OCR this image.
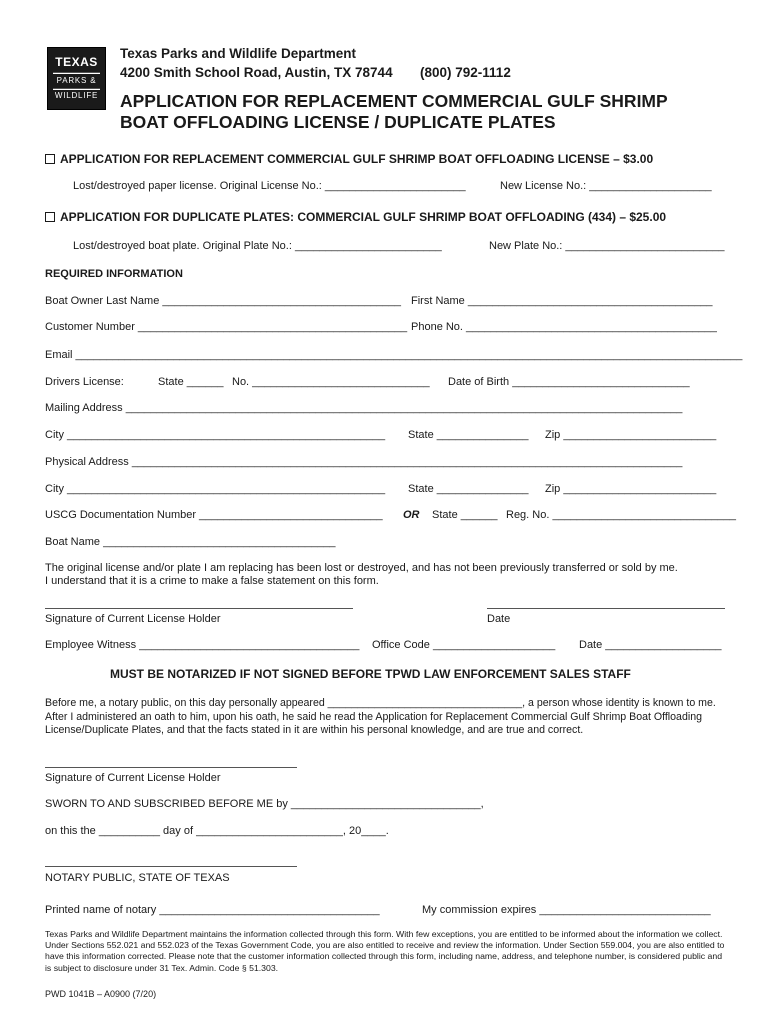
TEXAS
PARKS &
WILDLIFE
Texas Parks and Wildlife Department
4200 Smith School Road, Austin, TX 78744 (800) 792-1112
APPLICATION FOR REPLACEMENT COMMERCIAL GULF SHRIMP
BOAT OFFLOADING LICENSE / DUPLICATE PLATES
APPLICATION FOR REPLACEMENT COMMERCIAL GULF SHRIMP BOAT OFFLOADING LICENSE – $3.00
Lost/destroyed paper license. Original License No.: _______________________	New License No.: ____________________
APPLICATION FOR DUPLICATE PLATES: COMMERCIAL GULF SHRIMP BOAT OFFLOADING (434) – $25.00
Lost/destroyed boat plate. Original Plate No.: ________________________	New Plate No.: __________________________
REQUIRED INFORMATION
Boat Owner Last Name _______________________________________ First Name ________________________________________
Customer Number ____________________________________________ Phone No. _________________________________________
Email _____________________________________________________________________________________________________________
Drivers License:	State ______ No. _____________________________ Date of Birth _____________________________
Mailing Address ___________________________________________________________________________________________
City ____________________________________________________ State _______________ Zip _________________________
Physical Address __________________________________________________________________________________________
City ____________________________________________________ State _______________ Zip _________________________
USCG Documentation Number ______________________________ OR State ______ Reg. No. ______________________________
Boat Name ______________________________________
The original license and/or plate I am replacing has been lost or destroyed, and has not been previously transferred or sold by me.
I understand that it is a crime to make a false statement on this form.
Signature of Current License Holder	Date
Employee Witness ____________________________________ Office Code ____________________ Date ___________________
MUST BE NOTARIZED IF NOT SIGNED BEFORE TPWD LAW ENFORCEMENT SALES STAFF
Before me, a notary public, on this day personally appeared _________________________________, a person whose identity is known to me. After I administered an oath to him, upon his oath, he said he read the Application for Replacement Commercial Gulf Shrimp Boat Offloading License/Duplicate Plates, and that the facts stated in it are within his personal knowledge, and are true and correct.
Signature of Current License Holder
SWORN TO AND SUBSCRIBED BEFORE ME by _______________________________,
on this the __________ day of ________________________, 20____.
NOTARY PUBLIC, STATE OF TEXAS
Printed name of notary ____________________________________	My commission expires ____________________________
Texas Parks and Wildlife Department maintains the information collected through this form. With few exceptions, you are entitled to be informed about the information we collect. Under Sections 552.021 and 552.023 of the Texas Government Code, you are also entitled to receive and review the information. Under Section 559.004, you are also entitled to have this information corrected. Please note that the customer information collected through this form, including name, address, and telephone number, is considered public and is subject to disclosure under 31 Tex. Admin. Code § 51.303.
PWD 1041B – A0900 (7/20)
